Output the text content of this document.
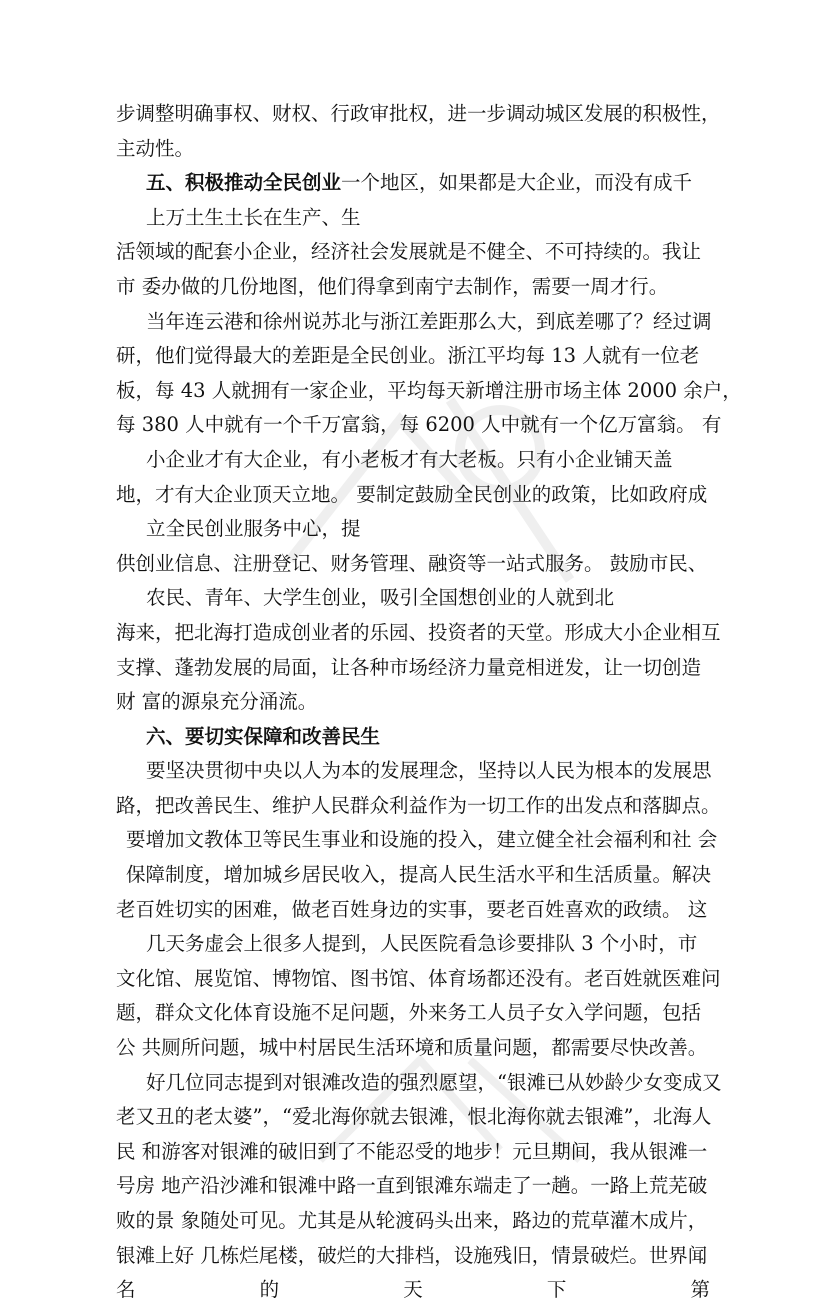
步调整明确事权、财权、行政审批权，进一步调动城区发展的积极性，
主动性。
五、积极推动全民创业一个地区，如果都是大企业，而没有成千
上万土生土长在生产、生
活领域的配套小企业，经济社会发展就是不健全、不可持续的。我让
市 委办做的几份地图，他们得拿到南宁去制作，需要一周才行。
当年连云港和徐州说苏北与浙江差距那么大，到底差哪了？经过调
研，他们觉得最大的差距是全民创业。浙江平均每 13 人就有一位老
板，每 43 人就拥有一家企业，平均每天新增注册市场主体 2000 余户，
每 380 人中就有一个千万富翁，每 6200 人中就有一个亿万富翁。 有
小企业才有大企业，有小老板才有大老板。只有小企业铺天盖
地，才有大企业顶天立地。 要制定鼓励全民创业的政策，比如政府成
立全民创业服务中心，提
供创业信息、注册登记、财务管理、融资等一站式服务。 鼓励市民、
农民、青年、大学生创业，吸引全国想创业的人就到北
海来，把北海打造成创业者的乐园、投资者的天堂。形成大小企业相互
支撑、蓬勃发展的局面，让各种市场经济力量竞相迸发，让一切创造
财 富的源泉充分涌流。
六、要切实保障和改善民生
要坚决贯彻中央以人为本的发展理念，坚持以人民为根本的发展思
路，把改善民生、维护人民群众利益作为一切工作的出发点和落脚点。
要增加文教体卫等民生事业和设施的投入，建立健全社会福利和社 会
保障制度，增加城乡居民收入，提高人民生活水平和生活质量。解决
老百姓切实的困难，做老百姓身边的实事，要老百姓喜欢的政绩。 这
几天务虚会上很多人提到，人民医院看急诊要排队 3 个小时，市
文化馆、展览馆、博物馆、图书馆、体育场都还没有。老百姓就医难问
题，群众文化体育设施不足问题，外来务工人员子女入学问题，包括
公 共厕所问题，城中村居民生活环境和质量问题，都需要尽快改善。
好几位同志提到对银滩改造的强烈愿望，“银滩已从妙龄少女变成又
老又丑的老太婆”，“爱北海你就去银滩，恨北海你就去银滩”，北海人
民 和游客对银滩的破旧到了不能忍受的地步！元旦期间，我从银滩一
号房 地产沿沙滩和银滩中路一直到银滩东端走了一趟。一路上荒芜破
败的景 象随处可见。尤其是从轮渡码头出来，路边的荒草灌木成片，
银滩上好 几栋烂尾楼，破烂的大排档，设施残旧，情景破烂。世界闻
名	的	天	下	第
